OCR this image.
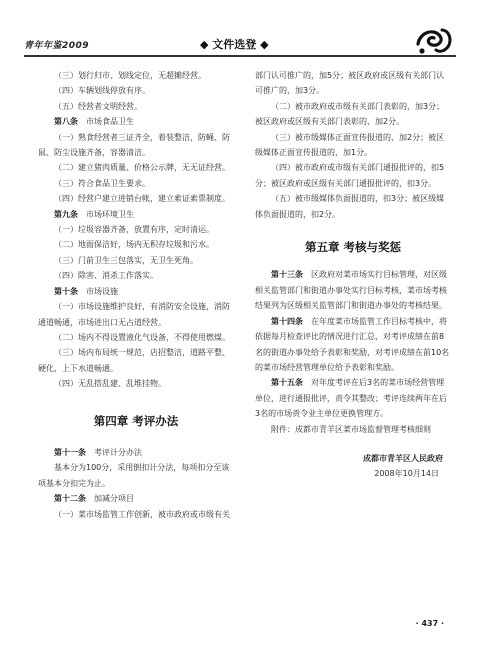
青年年鉴2009	◆ 文件选登 ◆

（三）划行归市、划线定位，无超摊经营。

（四）车辆划线停放有序。

（五）经营者文明经营。

第八条　 市场食品卫生

（一）熟食经营者三证齐全，着装整洁，防蝇、防鼠、防尘设施齐备，容器清洁。

（二）建立猪肉质量、价格公示牌，无无证经营。

（三）符合食品卫生要求。

（四）经营户建立进销台帐，建立索证索票制度。

第九条　 市场环境卫生

（一）垃圾容器齐备，放置有序，定时清运。

（二）地面保洁好，场内无积存垃圾和污水。

（三）门前卫生三包落实，无卫生死角。

（四）除害、消杀工作落实。

第十条　 市场设施

（一）市场设施维护良好，有消防安全设施，消防通道畅通，市场进出口无占道经营。

（二）场内不得设置液化气设备，不得使用燃煤。

（三）场内布局统一规范，店招整洁，道路平整、硬化，上下水道畅通。

（四）无乱搭乱建、乱堆挂物。

第四章 考评办法

第十一条　 考评计分办法

基本分为100分，采用倒扣计分法，每项扣分至该项基本分扣完为止。

第十二条　 加减分项目

（一）菜市场监管工作创新，被市政府或市级有关

部门认可推广的，加5分；被区政府或区级有关部门认可推广的，加3分。

（二）被市政府或市级有关部门表彰的，加3分；被区政府或区级有关部门表彰的，加2分。

（三）被市级媒体正面宣传报道的，加2分；被区级媒体正面宣传报道的，加1分。

（四）被市政府或市级有关部门通报批评的，扣5分；被区政府或区级有关部门通报批评的，扣3分。

（五）被市级媒体负面报道的，扣3分；被区级媒体负面报道的，扣2分。

第五章 考核与奖惩

第十三条　 区政府对菜市场实行目标管理，对区级相关监管部门和街道办事处实行目标考核，菜市场考核结果列为区级相关监管部门和街道办事处的考核结果。

第十四条　 在年度菜市场监管工作目标考核中，将依据每月检查评比的情况进行汇总，对考评成绩在前8名的街道办事处给予表彰和奖励，对考评成绩在前10名的菜市场经营管理单位给予表彰和奖励。

第十五条　 对年度考评在后3名的菜市场经营管理单位，进行通报批评，责令其整改；考评连续两年在后3名的市场责令业主单位更换管理方。

附件：成都市青羊区菜市场监督管理考核细则

成都市青羊区人民政府

2008年10月14日

· 437 ·
